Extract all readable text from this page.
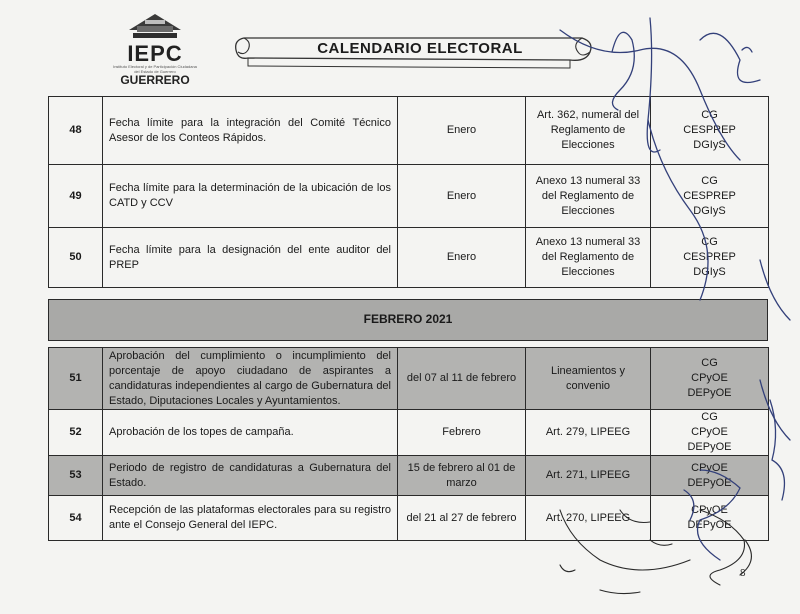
IEPC
Instituto Electoral y de Participación Ciudadana del Estado de Guerrero
GUERRERO
CALENDARIO ELECTORAL
48	Fecha límite para la integración del Comité Técnico Asesor de los Conteos Rápidos.	Enero	Art. 362, numeral del Reglamento de Elecciones	CG
CESPREP
DGIyS

49	Fecha límite para la determinación de la ubicación de los CATD y CCV	Enero	Anexo 13 numeral 33 del Reglamento de Elecciones	CG
CESPREP
DGIyS

50	Fecha límite para la designación del ente auditor del PREP	Enero	Anexo 13 numeral 33 del Reglamento de Elecciones	CG
CESPREP
DGIyS
FEBRERO 2021
51	Aprobación del cumplimiento o incumplimiento del porcentaje de apoyo ciudadano de aspirantes a candidaturas independientes al cargo de Gubernatura del Estado, Diputaciones Locales y Ayuntamientos.	del 07 al 11 de febrero	Lineamientos y convenio	CG
CPyOE
DEPyOE

52	Aprobación de los topes de campaña.	Febrero	Art. 279, LIPEEG	CG
CPyOE
DEPyOE

53	Periodo de registro de candidaturas a Gubernatura del Estado.	15 de febrero al 01 de marzo	Art. 271, LIPEEG	CPyOE
DEPyOE

54	Recepción de las plataformas electorales para su registro ante el Consejo General del IEPC.	del 21 al 27 de febrero	Art. 270, LIPEEG	CPyOE
DEPyOE
8
